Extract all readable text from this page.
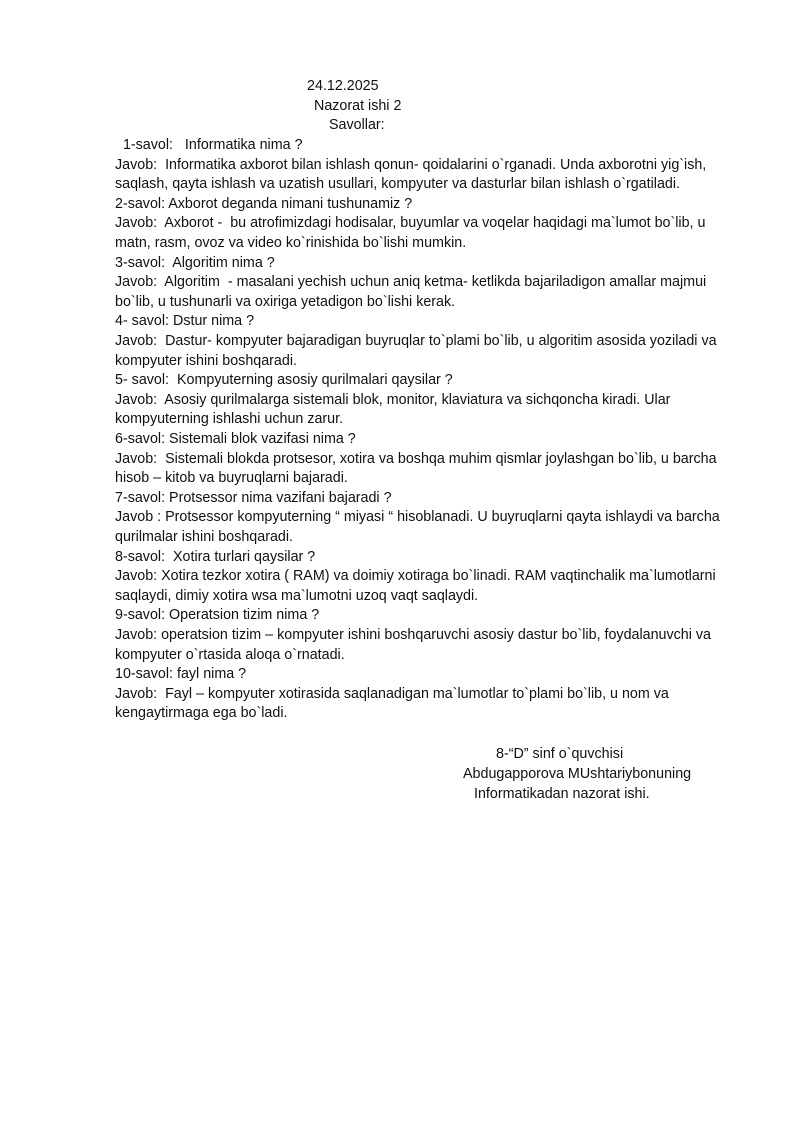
24.12.2025
Nazorat ishi 2
Savollar:
1-savol:   Informatika nima ?
Javob:  Informatika axborot bilan ishlash qonun- qoidalarini o`rganadi. Unda axborotni yig`ish,
saqlash, qayta ishlash va uzatish usullari, kompyuter va dasturlar bilan ishlash o`rgatiladi.
2-savol: Axborot deganda nimani tushunamiz ?
Javob:  Axborot -  bu atrofimizdagi hodisalar, buyumlar va voqelar haqidagi ma`lumot bo`lib, u
matn, rasm, ovoz va video ko`rinishida bo`lishi mumkin.
3-savol:  Algoritim nima ?
Javob:  Algoritim  - masalani yechish uchun aniq ketma- ketlikda bajariladigon amallar majmui
bo`lib, u tushunarli va oxiriga yetadigon bo`lishi kerak.
4- savol: Dstur nima ?
Javob:  Dastur- kompyuter bajaradigan buyruqlar to`plami bo`lib, u algoritim asosida yoziladi va
kompyuter ishini boshqaradi.
5- savol:  Kompyuterning asosiy qurilmalari qaysilar ?
Javob:  Asosiy qurilmalarga sistemali blok, monitor, klaviatura va sichqoncha kiradi. Ular
kompyuterning ishlashi uchun zarur.
6-savol: Sistemali blok vazifasi nima ?
Javob:  Sistemali blokda protsesor, xotira va boshqa muhim qismlar joylashgan bo`lib, u barcha
hisob – kitob va buyruqlarni bajaradi.
7-savol: Protsessor nima vazifani bajaradi ?
Javob : Protsessor kompyuterning “ miyasi “ hisoblanadi. U buyruqlarni qayta ishlaydi va barcha
qurilmalar ishini boshqaradi.
8-savol:  Xotira turlari qaysilar ?
Javob: Xotira tezkor xotira ( RAM) va doimiy xotiraga bo`linadi. RAM vaqtinchalik ma`lumotlarni
saqlaydi, dimiy xotira wsa ma`lumotni uzoq vaqt saqlaydi.
9-savol: Operatsion tizim nima ?
Javob: operatsion tizim – kompyuter ishini boshqaruvchi asosiy dastur bo`lib, foydalanuvchi va
kompyuter o`rtasida aloqa o`rnatadi.
10-savol: fayl nima ?
Javob:  Fayl – kompyuter xotirasida saqlanadigan ma`lumotlar to`plami bo`lib, u nom va
kengaytirmaga ega bo`ladi.
8-“D” sinf o`quvchisi
Abdugapporova MUshtariybonuning
Informatikadan nazorat ishi.
